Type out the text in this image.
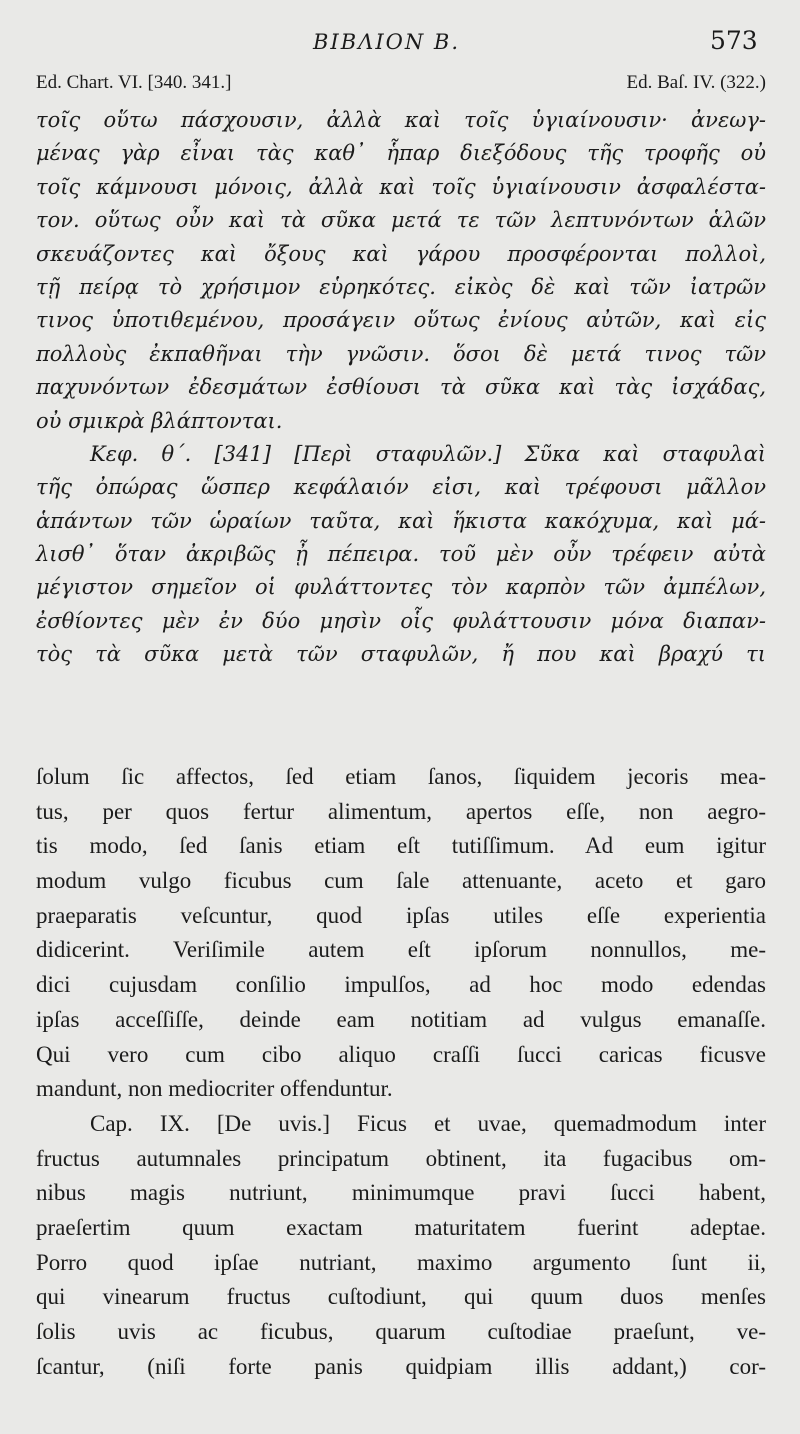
BIBΛION B.	573
Ed. Chart. VI. [340. 341.]	Ed. Baſ. IV. (322.)
τοῖς οὕτω πάσχουσιν, ἀλλὰ καὶ τοῖς ὑγιαίνουσιν· ἀνεωγ-
μένας γὰρ εἶναι τὰς καθ᾽ ἧπαρ διεξόδους τῆς τροφῆς οὐ
τοῖς κάμνουσι μόνοις, ἀλλὰ καὶ τοῖς ὑγιαίνουσιν ἀσφαλέστα-
τον. οὕτως οὖν καὶ τὰ σῦκα μετά τε τῶν λεπτυνόντων ἁλῶν
σκευάζοντες καὶ ὄξους καὶ γάρου προσφέρονται πολλοὶ,
τῇ πείρᾳ τὸ χρήσιμον εὑρηκότες. εἰκὸς δὲ καὶ τῶν ἰατρῶν
τινος ὑποτιθεμένου, προσάγειν οὕτως ἐνίους αὐτῶν, καὶ εἰς
πολλοὺς ἐκπαθῆναι τὴν γνῶσιν. ὅσοι δὲ μετά τινος τῶν
παχυνόντων ἐδεσμάτων ἐσθίουσι τὰ σῦκα καὶ τὰς ἰσχάδας,
οὐ σμικρὰ βλάπτονται.
Κεφ. θ΄. [341] [Περὶ σταφυλῶν.] Σῦκα καὶ σταφυλαὶ
τῆς ὀπώρας ὥσπερ κεφάλαιόν εἰσι, καὶ τρέφουσι μᾶλλον
ἁπάντων τῶν ὡραίων ταῦτα, καὶ ἥκιστα κακόχυμα, καὶ μά-
λισθ᾽ ὅταν ἀκριβῶς ᾖ πέπειρα. τοῦ μὲν οὖν τρέφειν αὐτὰ
μέγιστον σημεῖον οἱ φυλάττοντες τὸν καρπὸν τῶν ἀμπέλων,
ἐσθίοντες μὲν ἐν δύο μησὶν οἷς φυλάττουσιν μόνα διαπαν-
τὸς τὰ σῦκα μετὰ τῶν σταφυλῶν, ἤ που καὶ βραχύ τι
ſolum ſic affectos, ſed etiam ſanos, ſiquidem jecoris mea-
tus, per quos fertur alimentum, apertos eſſe, non aegro-
tis modo, ſed ſanis etiam eſt tutiſſimum. Ad eum igitur
modum vulgo ficubus cum ſale attenuante, aceto et garo
praeparatis veſcuntur, quod ipſas utiles eſſe experientia
didicerint. Veriſimile autem eſt ipſorum nonnullos, me-
dici cujusdam conſilio impulſos, ad hoc modo edendas
ipſas acceſſiſſe, deinde eam notitiam ad vulgus emanaſſe.
Qui vero cum cibo aliquo craſſi ſucci caricas ficusve
mandunt, non mediocriter offenduntur.
Cap. IX. [De uvis.] Ficus et uvae, quemadmodum inter
fructus autumnales principatum obtinent, ita fugacibus om-
nibus magis nutriunt, minimumque pravi ſucci habent,
praeſertim quum exactam maturitatem fuerint adeptae.
Porro quod ipſae nutriant, maximo argumento ſunt ii,
qui vinearum fructus cuſtodiunt, qui quum duos menſes
ſolis uvis ac ficubus, quarum cuſtodiae praeſunt, ve-
ſcantur, (niſi forte panis quidpiam illis addant,) cor-
